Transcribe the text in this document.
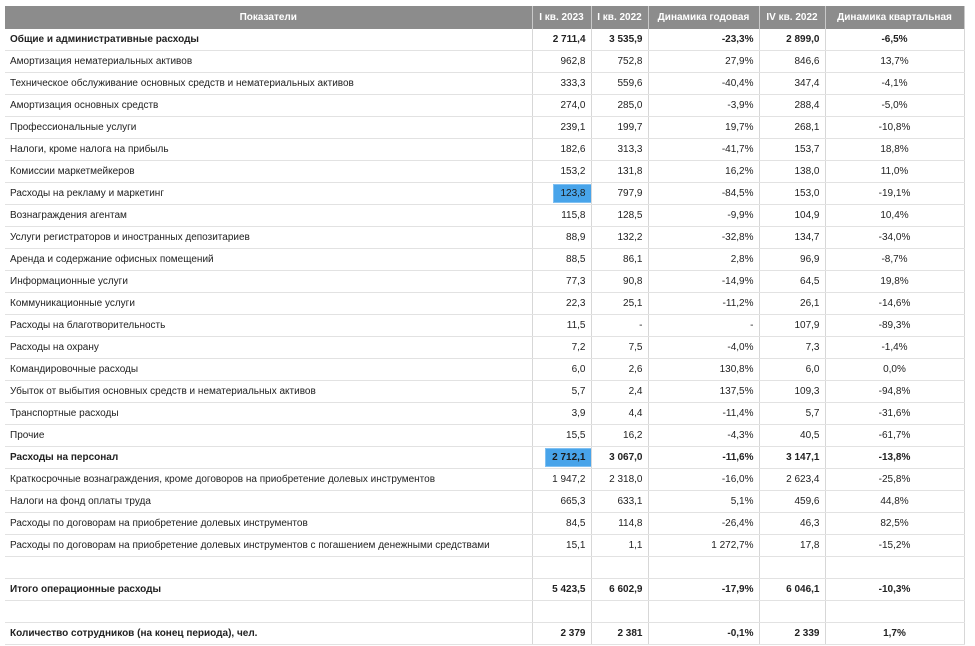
Показатели	I кв. 2023	I кв. 2022	Динамика годовая	IV кв. 2022	Динамика квартальная
Общие и административные расходы	2 711,4	3 535,9	-23,3%	2 899,0	-6,5%
Амортизация нематериальных активов	962,8	752,8	27,9%	846,6	13,7%
Техническое обслуживание основных средств и нематериальных активов	333,3	559,6	-40,4%	347,4	-4,1%
Амортизация основных средств	274,0	285,0	-3,9%	288,4	-5,0%
Профессиональные услуги	239,1	199,7	19,7%	268,1	-10,8%
Налоги, кроме налога на прибыль	182,6	313,3	-41,7%	153,7	18,8%
Комиссии маркетмейкеров	153,2	131,8	16,2%	138,0	11,0%
Расходы на рекламу и маркетинг	123,8	797,9	-84,5%	153,0	-19,1%
Вознаграждения агентам	115,8	128,5	-9,9%	104,9	10,4%
Услуги регистраторов и иностранных депозитариев	88,9	132,2	-32,8%	134,7	-34,0%
Аренда и содержание офисных помещений	88,5	86,1	2,8%	96,9	-8,7%
Информационные услуги	77,3	90,8	-14,9%	64,5	19,8%
Коммуникационные услуги	22,3	25,1	-11,2%	26,1	-14,6%
Расходы на благотворительность	11,5	-	-	107,9	-89,3%
Расходы на охрану	7,2	7,5	-4,0%	7,3	-1,4%
Командировочные расходы	6,0	2,6	130,8%	6,0	0,0%
Убыток от выбытия основных средств и нематериальных активов	5,7	2,4	137,5%	109,3	-94,8%
Транспортные расходы	3,9	4,4	-11,4%	5,7	-31,6%
Прочие	15,5	16,2	-4,3%	40,5	-61,7%
Расходы на персонал	2 712,1	3 067,0	-11,6%	3 147,1	-13,8%
Краткосрочные вознаграждения, кроме договоров на приобретение долевых инструментов	1 947,2	2 318,0	-16,0%	2 623,4	-25,8%
Налоги на фонд оплаты труда	665,3	633,1	5,1%	459,6	44,8%
Расходы по договорам на приобретение долевых инструментов	84,5	114,8	-26,4%	46,3	82,5%
Расходы по договорам на приобретение долевых инструментов с погашением денежными средствами	15,1	1,1	1 272,7%	17,8	-15,2%

Итого операционные расходы	5 423,5	6 602,9	-17,9%	6 046,1	-10,3%

Количество сотрудников (на конец периода), чел.	2 379	2 381	-0,1%	2 339	1,7%
